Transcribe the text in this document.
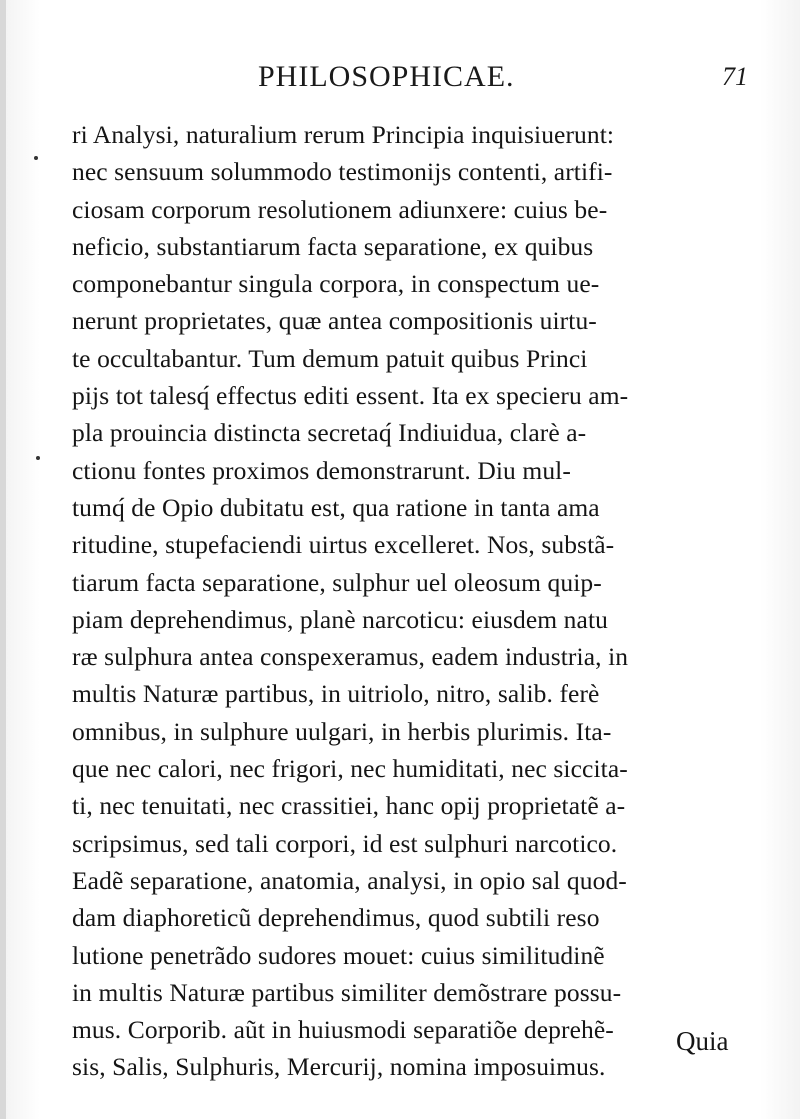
PHILOSOPHICAE.	71
ri Analysi, naturalium rerum Principia inquisiuerunt:
nec sensuum solummodo testimonijs contenti, artifi-
ciosam corporum resolutionem adiunxere: cuius be-
neficio, substantiarum facta separatione, ex quibus
componebantur singula corpora, in conspectum ue-
nerunt proprietates, quæ antea compositionis uirtu-
te occultabantur. Tum demum patuit quibus Princi
pijs tot talesq́ effectus editi essent. Ita ex specieru am-
pla prouincia distincta secretaq́ Indiuidua, clarè a-
ctionu fontes proximos demonstrarunt. Diu mul-
tumq́ de Opio dubitatu est, qua ratione in tanta ama
ritudine, stupefaciendi uirtus excelleret. Nos, substã-
tiarum facta separatione, sulphur uel oleosum quip-
piam deprehendimus, planè narcoticu: eiusdem natu
ræ sulphura antea conspexeramus, eadem industria, in
multis Naturæ partibus, in uitriolo, nitro, salib. ferè
omnibus, in sulphure uulgari, in herbis plurimis. Ita-
que nec calori, nec frigori, nec humiditati, nec siccita-
ti, nec tenuitati, nec crassitiei, hanc opij proprietatẽ a-
scripsimus, sed tali corpori, id est sulphuri narcotico.
Eadẽ separatione, anatomia, analysi, in opio sal quod-
dam diaphoreticũ deprehendimus, quod subtili reso
lutione penetrãdo sudores mouet: cuius similitudinẽ
in multis Naturæ partibus similiter demõstrare possu-
mus. Corporib. aũt in huiusmodi separatiõe deprehẽ-
sis, Salis, Sulphuris, Mercurij, nomina imposuimus.
Quia
